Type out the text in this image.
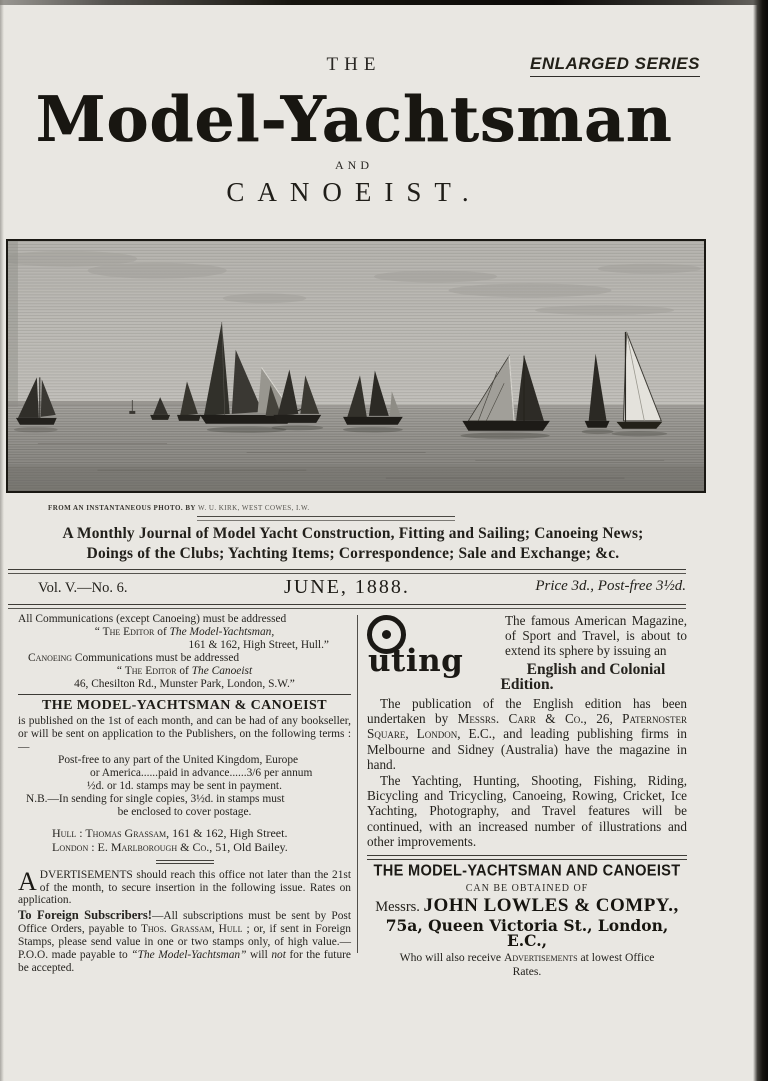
THE	ENLARGED SERIES
Model-Yachtsman
AND
CANOEIST.
FROM AN INSTANTANEOUS PHOTO. BY W. U. KIRK, WEST COWES, I.W.
A Monthly Journal of Model Yacht Construction, Fitting and Sailing; Canoeing News;
Doings of the Clubs; Yachting Items; Correspondence; Sale and Exchange; &c.
Vol. V.—No. 6.	JUNE, 1888.	Price 3d., Post-free 3½d.
All Communications (except Canoeing) must be addressed
“ The Editor of The Model-Yachtsman,
161 & 162, High Street, Hull.”
Canoeing Communications must be addressed
“ The Editor of The Canoeist
46, Chesilton Rd., Munster Park, London, S.W.”
THE MODEL-YACHTSMAN & CANOEIST
is published on the 1st of each month, and can be had of any bookseller, or will be sent on application to the Publishers, on the following terms :—
Post-free to any part of the United Kingdom, Europe
or America......paid in advance......3/6 per annum
½d. or 1d. stamps may be sent in payment.
N.B.—In sending for single copies, 3½d. in stamps must
be enclosed to cover postage.
Hull : Thomas Grassam, 161 & 162, High Street.
London : E. Marlborough & Co., 51, Old Bailey.
ADVERTISEMENTS should reach this office not later than the 21st of the month, to secure insertion in the following issue. Rates on application.
To Foreign Subscribers!—All subscriptions must be sent by Post Office Orders, payable to Thos. Grassam, Hull ; or, if sent in Foreign Stamps, please send value in one or two stamps only, of high value.—P.O.O. made payable to “The Model-Yachtsman” will not for the future be accepted.
uting
The famous American Magazine, of Sport and Travel, is about to extend its sphere by issuing an
English and Colonial Edition.
The publication of the English edition has been undertaken by Messrs. Carr & Co., 26, Paternoster Square, London, E.C., and leading publishing firms in Melbourne and Sidney (Australia) have the magazine in hand.
The Yachting, Hunting, Shooting, Fishing, Riding, Bicycling and Tricycling, Canoeing, Rowing, Cricket, Ice Yachting, Photography, and Travel features will be continued, with an increased number of illustrations and other improvements.
THE MODEL-YACHTSMAN AND CANOEIST
CAN BE OBTAINED OF
Messrs. JOHN LOWLES & COMPY.,
75a, Queen Victoria St., London, E.C.,
Who will also receive Advertisements at lowest Office Rates.
